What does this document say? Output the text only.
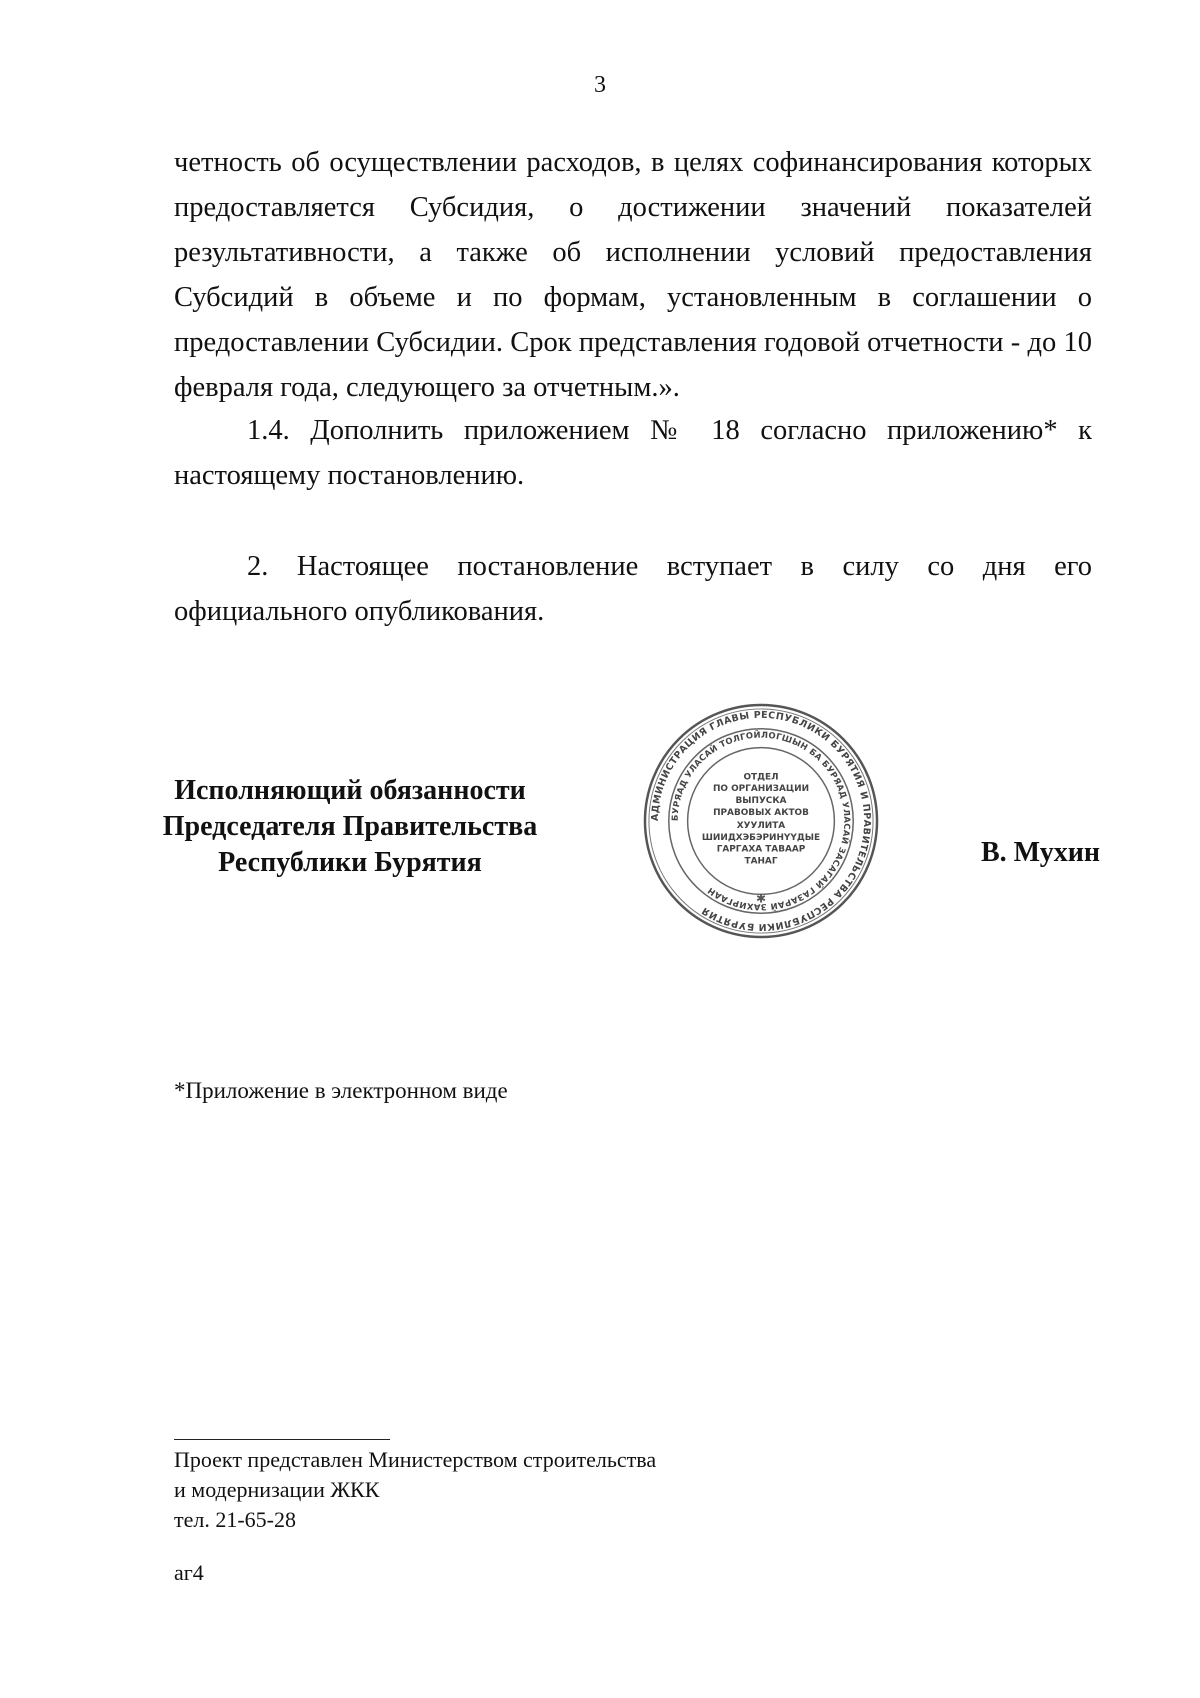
3

четность об осуществлении расходов, в целях софинансирования которых предоставляется Субсидия, о достижении значений показателей результативности, а также об исполнении условий предоставления Субсидий в объеме и по формам, установленным в соглашении о предоставлении Субсидии. Срок представления годовой отчетности - до 10 февраля года, следующего за отчетным.».

1.4. Дополнить приложением № 18 согласно приложению* к настоящему постановлению.

2. Настоящее постановление вступает в силу со дня его официального опубликования.

Исполняющий обязанности
Председателя Правительства
Республики Бурятия
АДМИНИСТРАЦИЯ ГЛАВЫ РЕСПУБЛИКИ БУРЯТИЯ И ПРАВИТЕЛЬСТВА РЕСПУБЛИКИ БУРЯТИЯ
БУРЯАД УЛАСАЙ ТОЛГОЙЛОГШЫН БА БУРЯАД УЛАСАЙ ЗАСАГАЙ ГАЗАРАЙ ЗАХИРГААН
ОТДЕЛ
ПО ОРГАНИЗАЦИИ
ВЫПУСКА
ПРАВОВЫХ АКТОВ
ХУУЛИТА
ШИИДХЭБЭРИНҮҮДЫЕ
ГАРГАХА ТАВААР
ТАНАГ
✱
В. Мухин
*Приложение в электронном виде
Проект представлен Министерством строительства
и модернизации ЖКК
тел. 21-65-28
аг4
